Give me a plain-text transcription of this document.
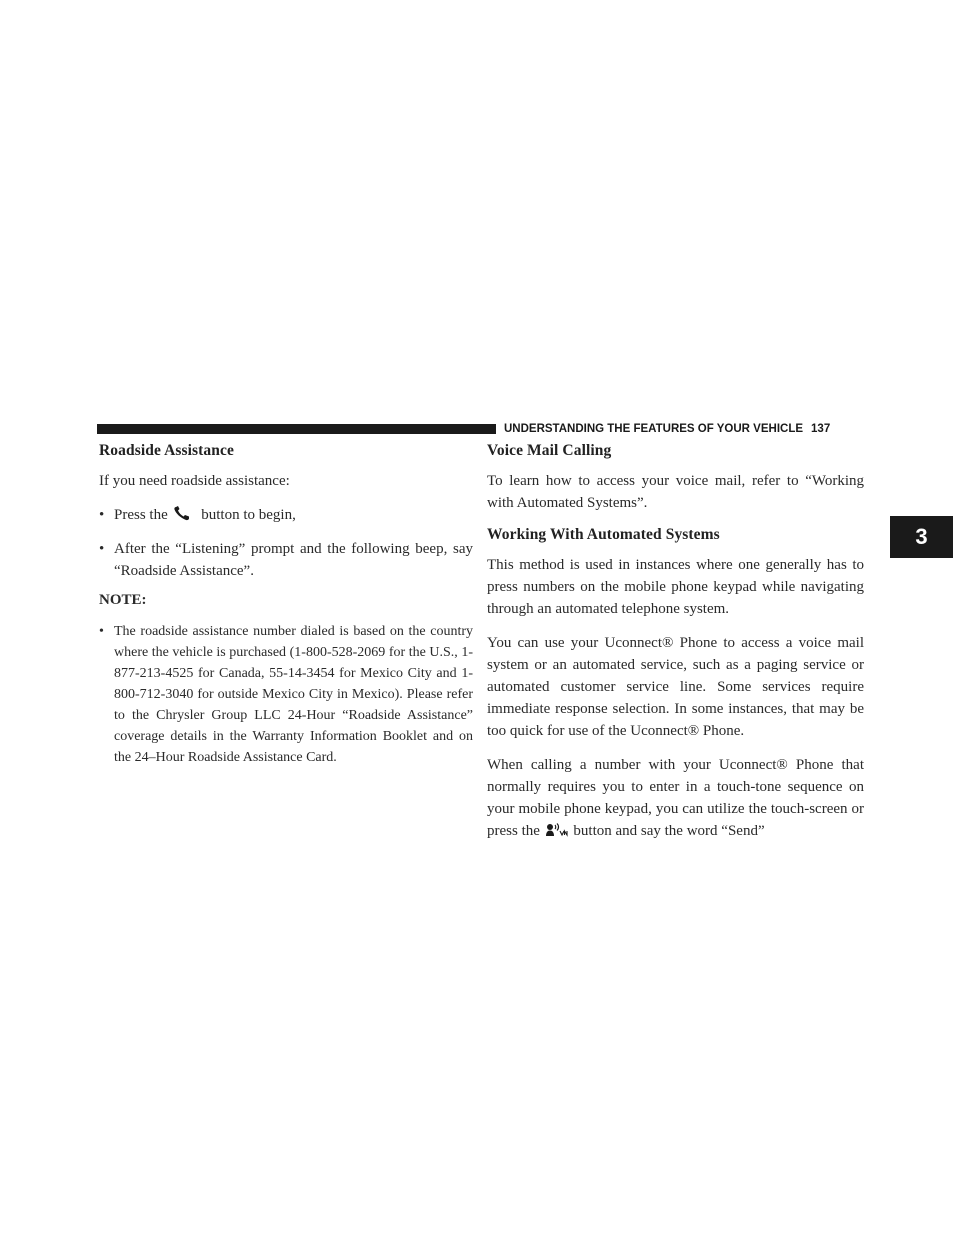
UNDERSTANDING THE FEATURES OF YOUR VEHICLE 137
3
Roadside Assistance

If you need roadside assistance:

• Press the button to begin,
• After the “Listening” prompt and the following beep, say “Roadside Assistance”.
NOTE:
• The roadside assistance number dialed is based on the country where the vehicle is purchased (1-800-528-2069 for the U.S., 1-877-213-4525 for Canada, 55-14-3454 for Mexico City and 1-800-712-3040 for outside Mexico City in Mexico). Please refer to the Chrysler Group LLC 24-Hour “Roadside Assistance” coverage details in the Warranty Information Booklet and on the 24–Hour Roadside Assistance Card.
Voice Mail Calling

To learn how to access your voice mail, refer to “Working with Automated Systems”.

Working With Automated Systems

This method is used in instances where one generally has to press numbers on the mobile phone keypad while navigating through an automated telephone system.

You can use your Uconnect® Phone to access a voice mail system or an automated service, such as a paging service or automated customer service line. Some services require immediate response selection. In some instances, that may be too quick for use of the Uconnect® Phone.

When calling a number with your Uconnect® Phone that normally requires you to enter in a touch-tone sequence on your mobile phone keypad, you can utilize the touch-screen or press the button and say the word “Send”
